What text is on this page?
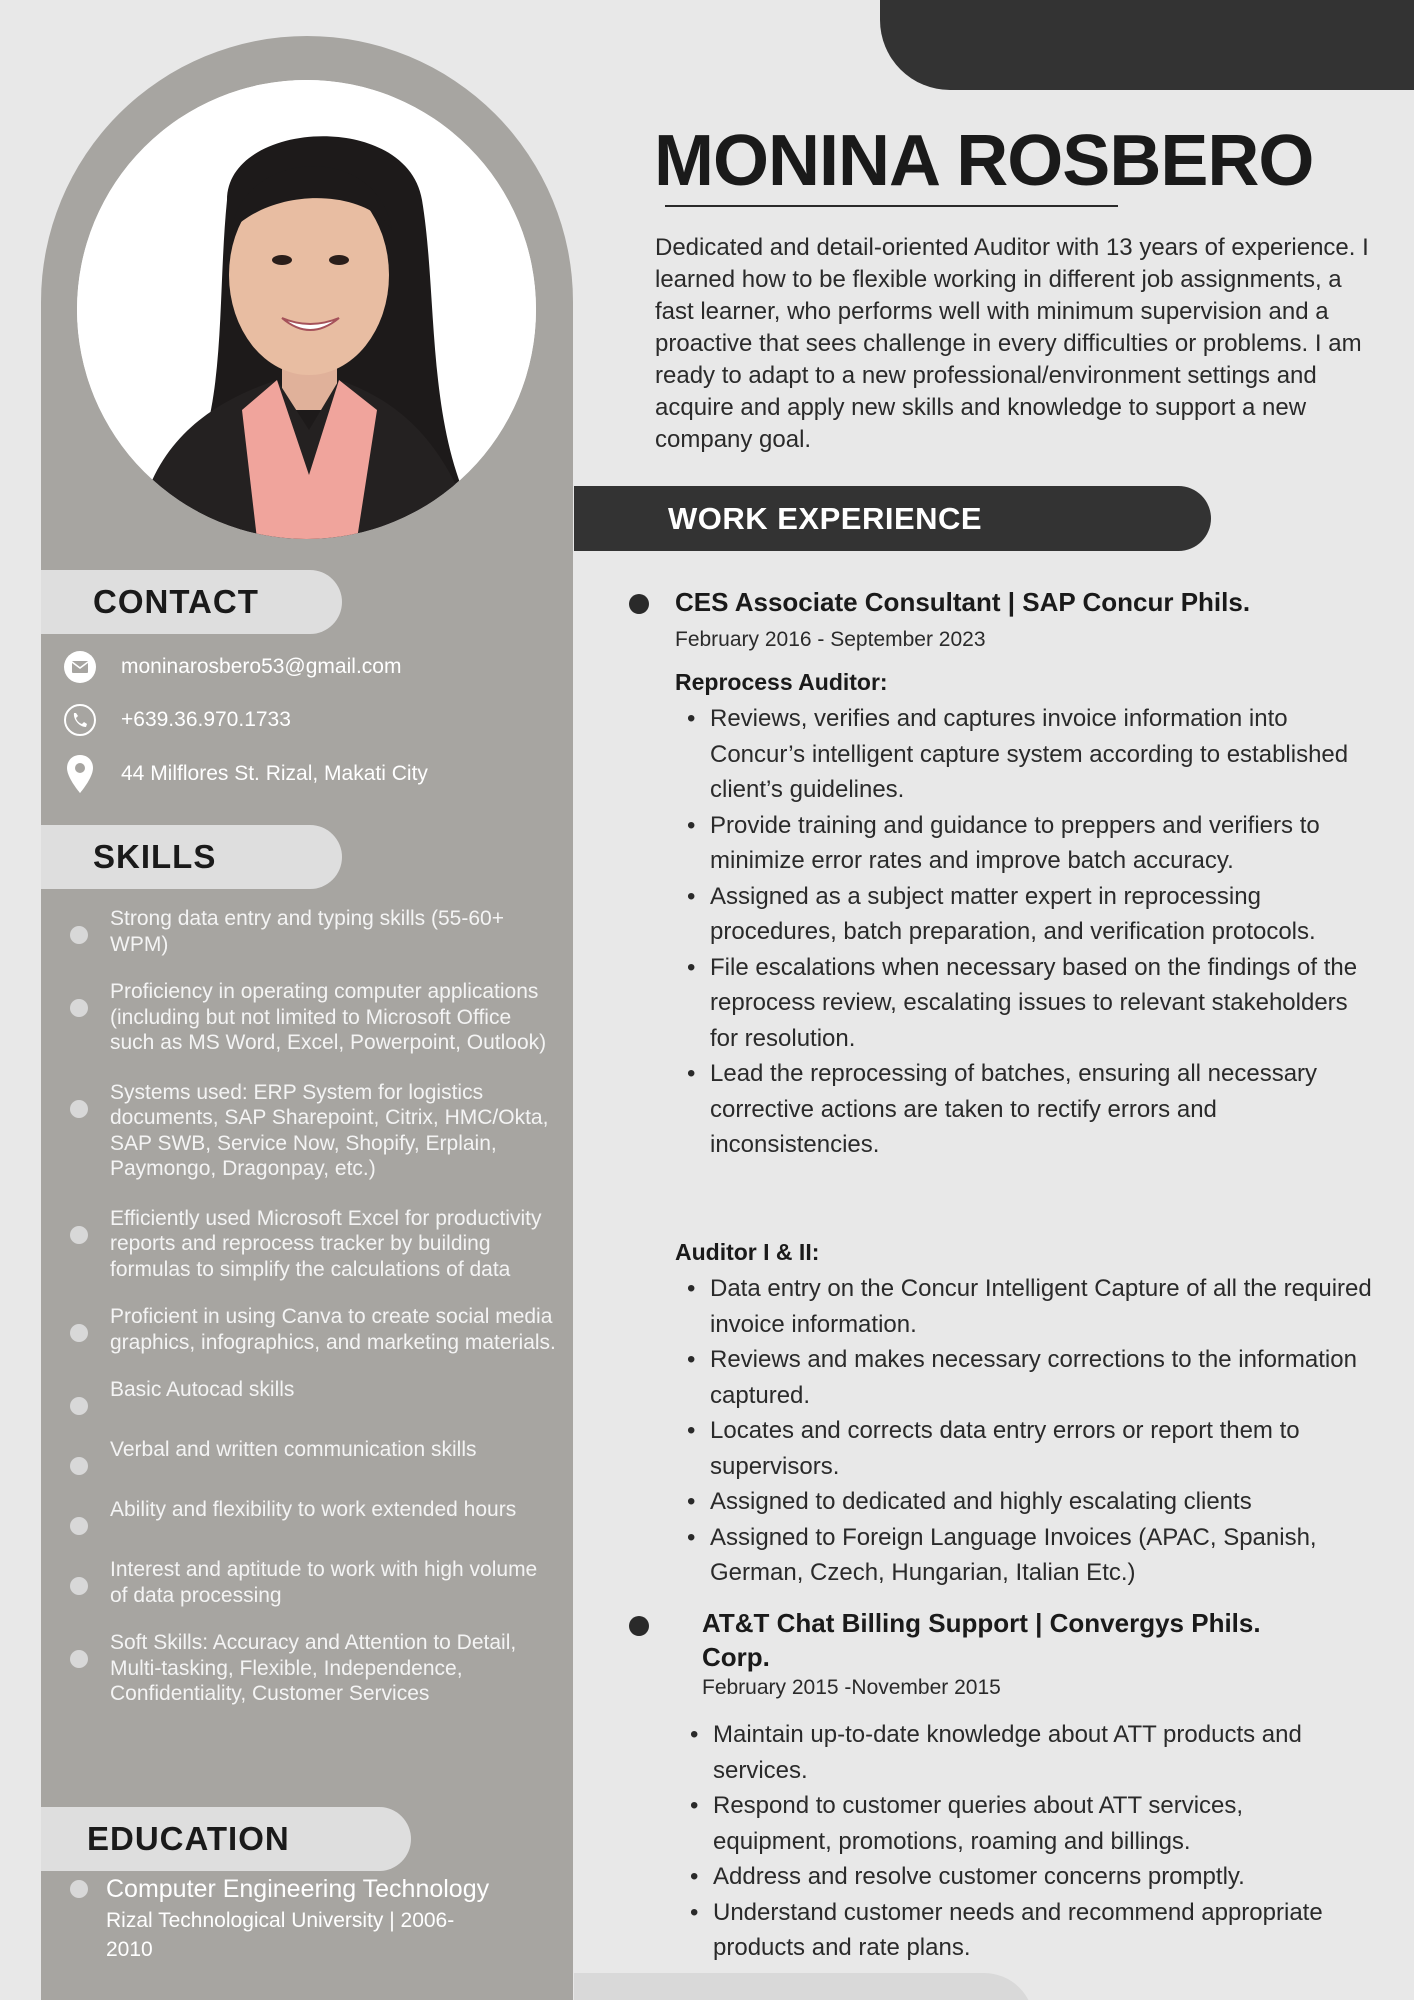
CONTACT
moninarosbero53@gmail.com
+639.36.970.1733
44 Milflores St. Rizal, Makati City
SKILLS
Strong data entry and typing skills (55-60+ WPM)
Proficiency in operating computer applications (including but not limited to Microsoft Office such as MS Word, Excel, Powerpoint, Outlook)
Systems used: ERP System for logistics documents, SAP Sharepoint, Citrix, HMC/Okta, SAP SWB, Service Now, Shopify, Erplain, Paymongo, Dragonpay, etc.)
Efficiently used Microsoft Excel for productivity reports and reprocess tracker by building formulas to simplify the calculations of data
Proficient in using Canva to create social media graphics, infographics, and marketing materials.
Basic Autocad skills
Verbal and written communication skills
Ability and flexibility to work extended hours
Interest and aptitude to work with high volume of data processing
Soft Skills: Accuracy and Attention to Detail, Multi-tasking, Flexible, Independence, Confidentiality, Customer Services
EDUCATION
Computer Engineering Technology
Rizal Technological University | 2006-2010
MONINA ROSBERO
Dedicated and detail-oriented Auditor with 13 years of experience. I learned how to be flexible working in different job assignments, a fast learner, who performs well with minimum supervision and a proactive that sees challenge in every difficulties or problems. I am ready to adapt to a new professional/environment settings and acquire and apply new skills and knowledge to support a new company goal.
WORK EXPERIENCE
CES Associate Consultant | SAP Concur Phils.
February 2016 - September 2023
Reprocess Auditor:
• Reviews, verifies and captures invoice information into Concur’s intelligent capture system according to established client’s guidelines.
• Provide training and guidance to preppers and verifiers to minimize error rates and improve batch accuracy.
• Assigned as a subject matter expert in reprocessing procedures, batch preparation, and verification protocols.
• File escalations when necessary based on the findings of the reprocess review, escalating issues to relevant stakeholders for resolution.
• Lead the reprocessing of batches, ensuring all necessary corrective actions are taken to rectify errors and inconsistencies.
Auditor I & II:
• Data entry on the Concur Intelligent Capture of all the required invoice information.
• Reviews and makes necessary corrections to the information captured.
• Locates and corrects data entry errors or report them to supervisors.
• Assigned to dedicated and highly escalating clients
• Assigned to Foreign Language Invoices (APAC, Spanish, German, Czech, Hungarian, Italian Etc.)
AT&T Chat Billing Support | Convergys Phils. Corp.
February 2015 -November 2015
• Maintain up-to-date knowledge about ATT products and services.
• Respond to customer queries about ATT services, equipment, promotions, roaming and billings.
• Address and resolve customer concerns promptly.
• Understand customer needs and recommend appropriate products and rate plans.
